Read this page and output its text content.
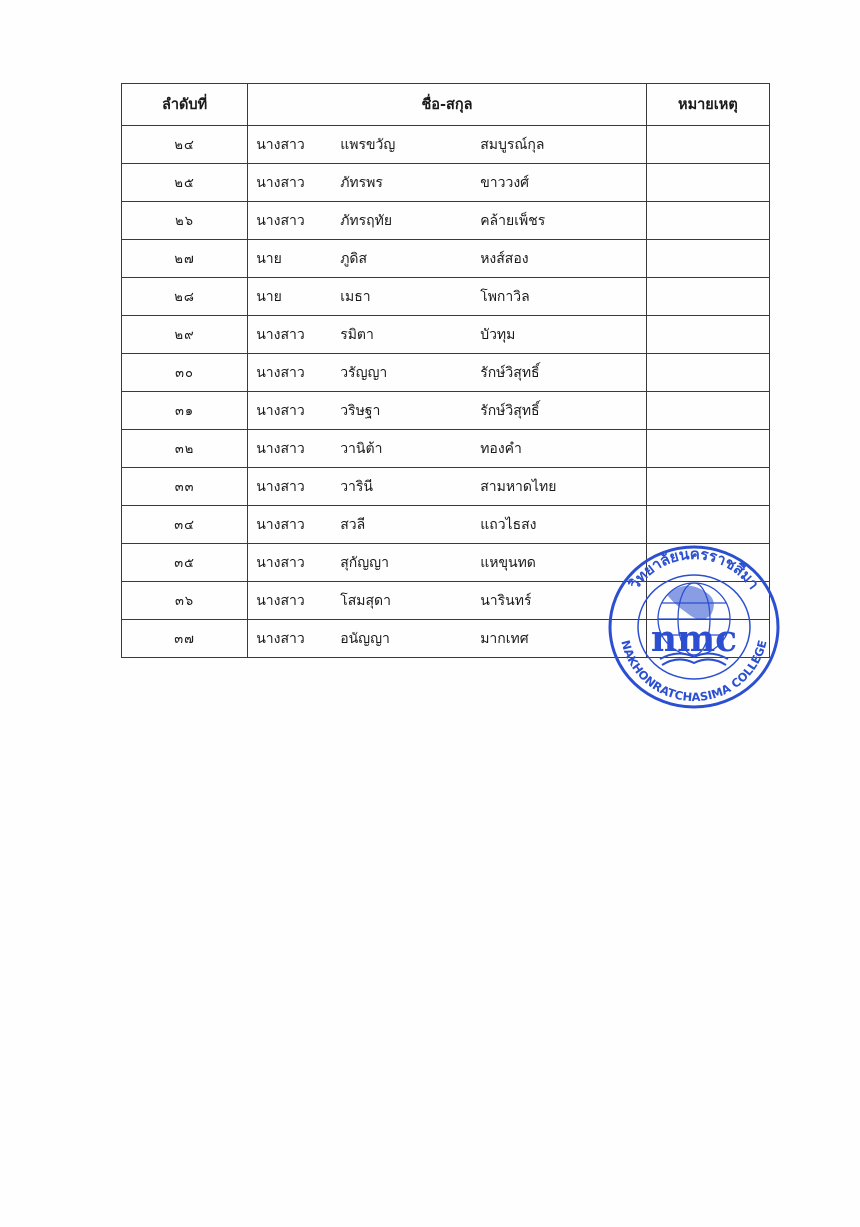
ลำดับที่	ชื่อ-สกุล	หมายเหตุ
๒๔	นางสาว แพรขวัญ สมบูรณ์กุล	

๒๕	นางสาว ภัทรพร ขาววงศ์	

๒๖	นางสาว ภัทรฤทัย คล้ายเพ็ชร	

๒๗	นาย ภูดิส หงส์สอง	

๒๘	นาย เมธา โพกาวิล	

๒๙	นางสาว รมิตา บัวทุม	

๓๐	นางสาว วรัญญา รักษ์วิสุทธิ์	

๓๑	นางสาว วริษฐา รักษ์วิสุทธิ์	

๓๒	นางสาว วานิต้า ทองคำ	

๓๓	นางสาว วารินี สามหาดไทย	

๓๔	นางสาว สวลี แถวไธสง	

๓๕	นางสาว สุกัญญา แหขุนทด	

๓๖	นางสาว โสมสุดา นารินทร์	

๓๗	นางสาว อนัญญา มากเทศ	

วิทยาลัยนครราชสีมา
NAKHONRATCHASIMA COLLEGE
nmc
